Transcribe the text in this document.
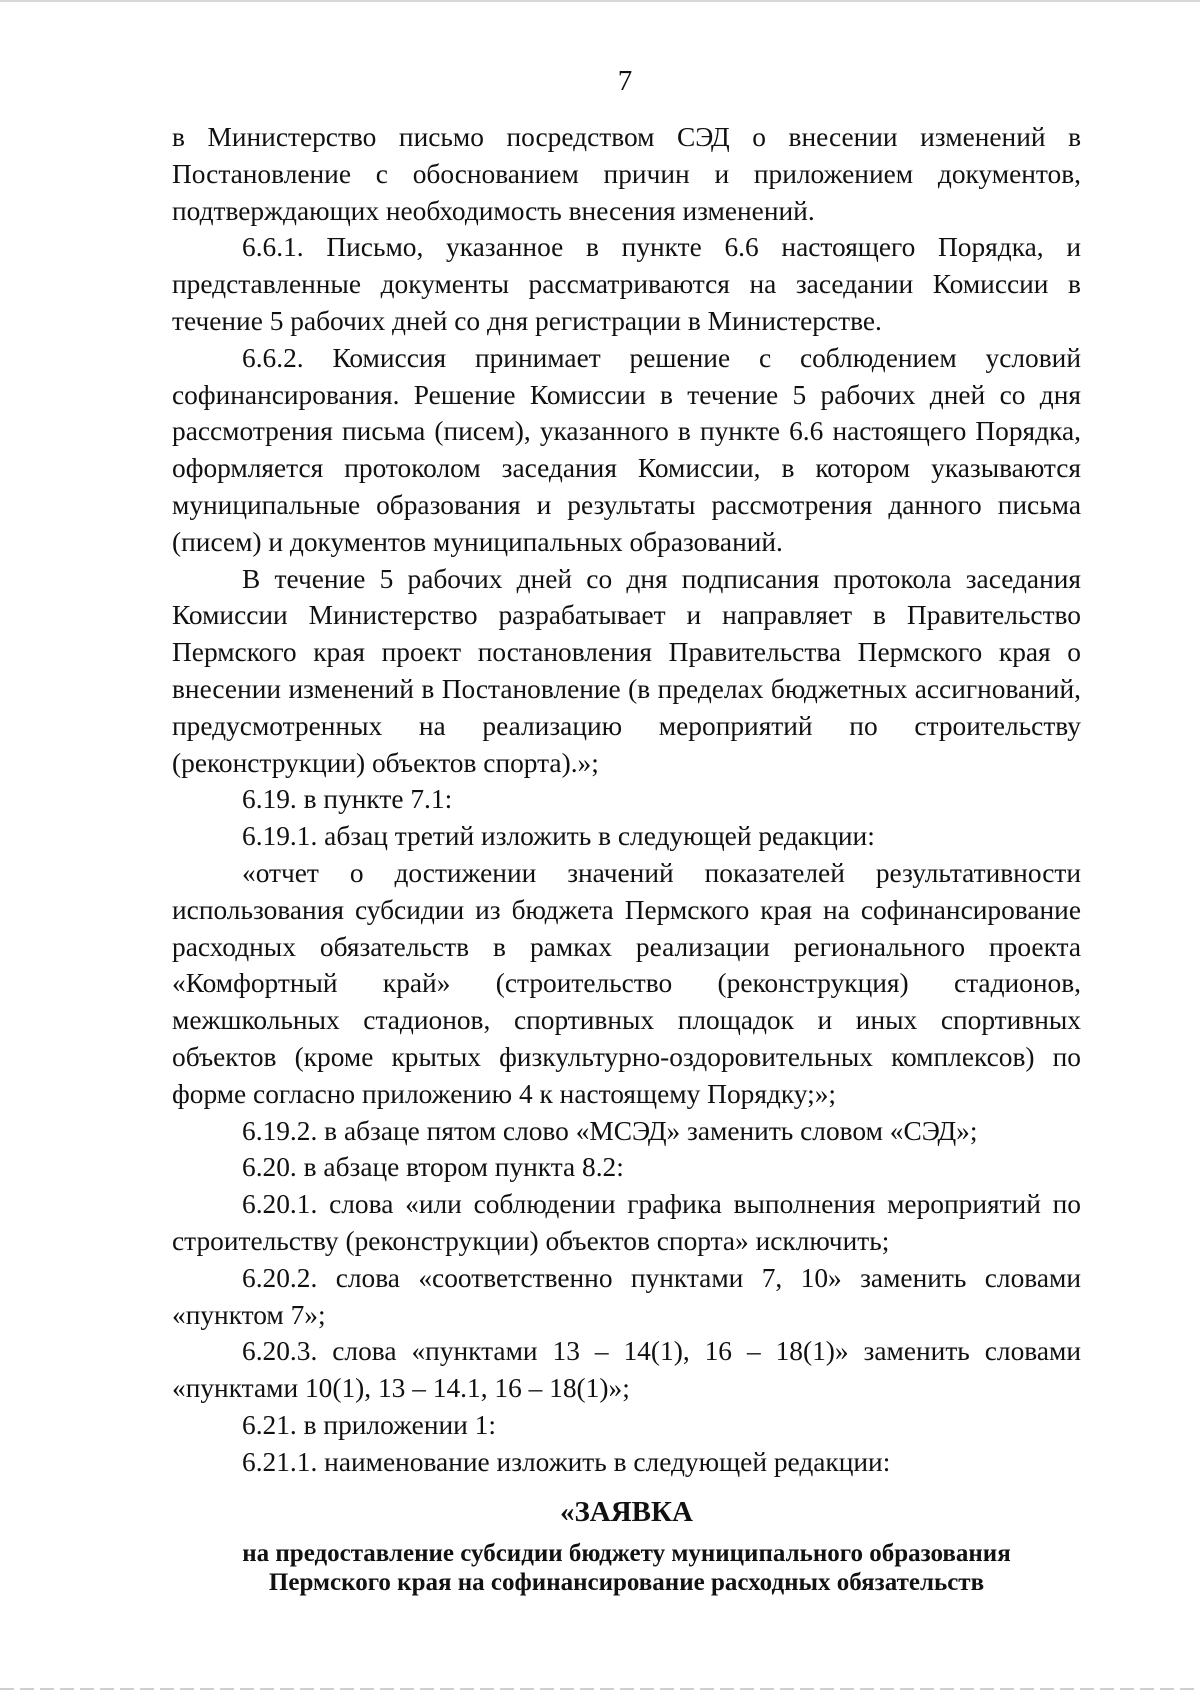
7

в Министерство письмо посредством СЭД о внесении изменений в Постановление с обоснованием причин и приложением документов, подтверждающих необходимость внесения изменений.

6.6.1. Письмо, указанное в пункте 6.6 настоящего Порядка, и представленные документы рассматриваются на заседании Комиссии в течение 5 рабочих дней со дня регистрации в Министерстве.

6.6.2. Комиссия принимает решение с соблюдением условий софинансирования. Решение Комиссии в течение 5 рабочих дней со дня рассмотрения письма (писем), указанного в пункте 6.6 настоящего Порядка, оформляется протоколом заседания Комиссии, в котором указываются муниципальные образования и результаты рассмотрения данного письма (писем) и документов муниципальных образований.

В течение 5 рабочих дней со дня подписания протокола заседания Комиссии Министерство разрабатывает и направляет в Правительство Пермского края проект постановления Правительства Пермского края о внесении изменений в Постановление (в пределах бюджетных ассигнований, предусмотренных на реализацию мероприятий по строительству (реконструкции) объектов спорта).»;

6.19. в пункте 7.1:

6.19.1. абзац третий изложить в следующей редакции:

«отчет о достижении значений показателей результативности использования субсидии из бюджета Пермского края на софинансирование расходных обязательств в рамках реализации регионального проекта «Комфортный край» (строительство (реконструкция) стадионов, межшкольных стадионов, спортивных площадок и иных спортивных объектов (кроме крытых физкультурно-оздоровительных комплексов) по форме согласно приложению 4 к настоящему Порядку;»;

6.19.2. в абзаце пятом слово «МСЭД» заменить словом «СЭД»;

6.20. в абзаце втором пункта 8.2:

6.20.1. слова «или соблюдении графика выполнения мероприятий по строительству (реконструкции) объектов спорта» исключить;

6.20.2. слова «соответственно пунктами 7, 10» заменить словами «пунктом 7»;

6.20.3. слова «пунктами 13 – 14(1), 16 – 18(1)» заменить словами «пунктами 10(1), 13 – 14.1, 16 – 18(1)»;

6.21. в приложении 1:

6.21.1. наименование изложить в следующей редакции:

«ЗАЯВКА
на предоставление субсидии бюджету муниципального образования
Пермского края на софинансирование расходных обязательств
